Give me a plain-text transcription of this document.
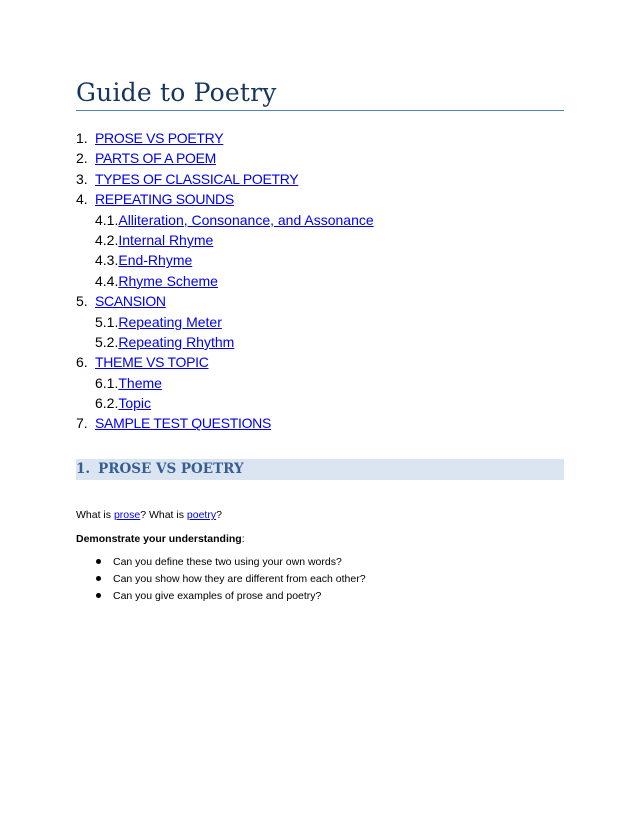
Guide to Poetry
1. PROSE VS POETRY
2. PARTS OF A POEM
3. TYPES OF CLASSICAL POETRY
4. REPEATING SOUNDS
4.1.Alliteration, Consonance, and Assonance
4.2.Internal Rhyme
4.3.End-Rhyme
4.4.Rhyme Scheme
5. SCANSION
5.1.Repeating Meter
5.2.Repeating Rhythm
6. THEME VS TOPIC
6.1.Theme
6.2.Topic
7. SAMPLE TEST QUESTIONS
1. PROSE VS POETRY
What is prose? What is poetry?
Demonstrate your understanding:
Can you define these two using your own words?
Can you show how they are different from each other?
Can you give examples of prose and poetry?
